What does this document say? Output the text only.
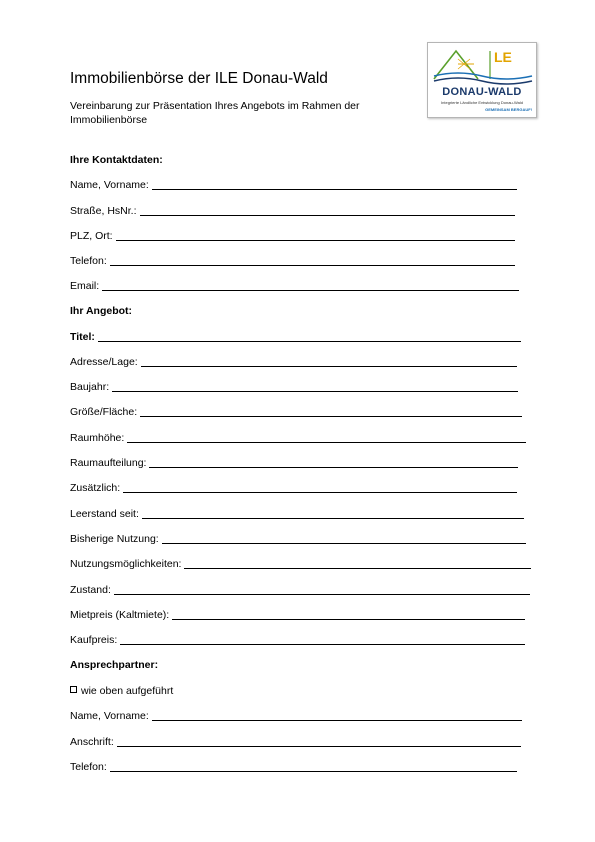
Immobilienbörse der ILE Donau-Wald
Vereinbarung zur Präsentation Ihres Angebots im Rahmen der Immobilienbörse
LE
DONAU-WALD
Integrierte Ländliche Entwicklung Donau-Wald
GEMEINSAM BERGAUF!
Ihre Kontaktdaten:
Name, Vorname:
Straße, HsNr.:
PLZ, Ort:
Telefon:
Email:
Ihr Angebot:
Titel:
Adresse/Lage:
Baujahr:
Größe/Fläche:
Raumhöhe:
Raumaufteilung:
Zusätzlich:
Leerstand seit:
Bisherige Nutzung:
Nutzungsmöglichkeiten:
Zustand:
Mietpreis (Kaltmiete):
Kaufpreis:
Ansprechpartner:
wie oben aufgeführt
Name, Vorname:
Anschrift:
Telefon:
